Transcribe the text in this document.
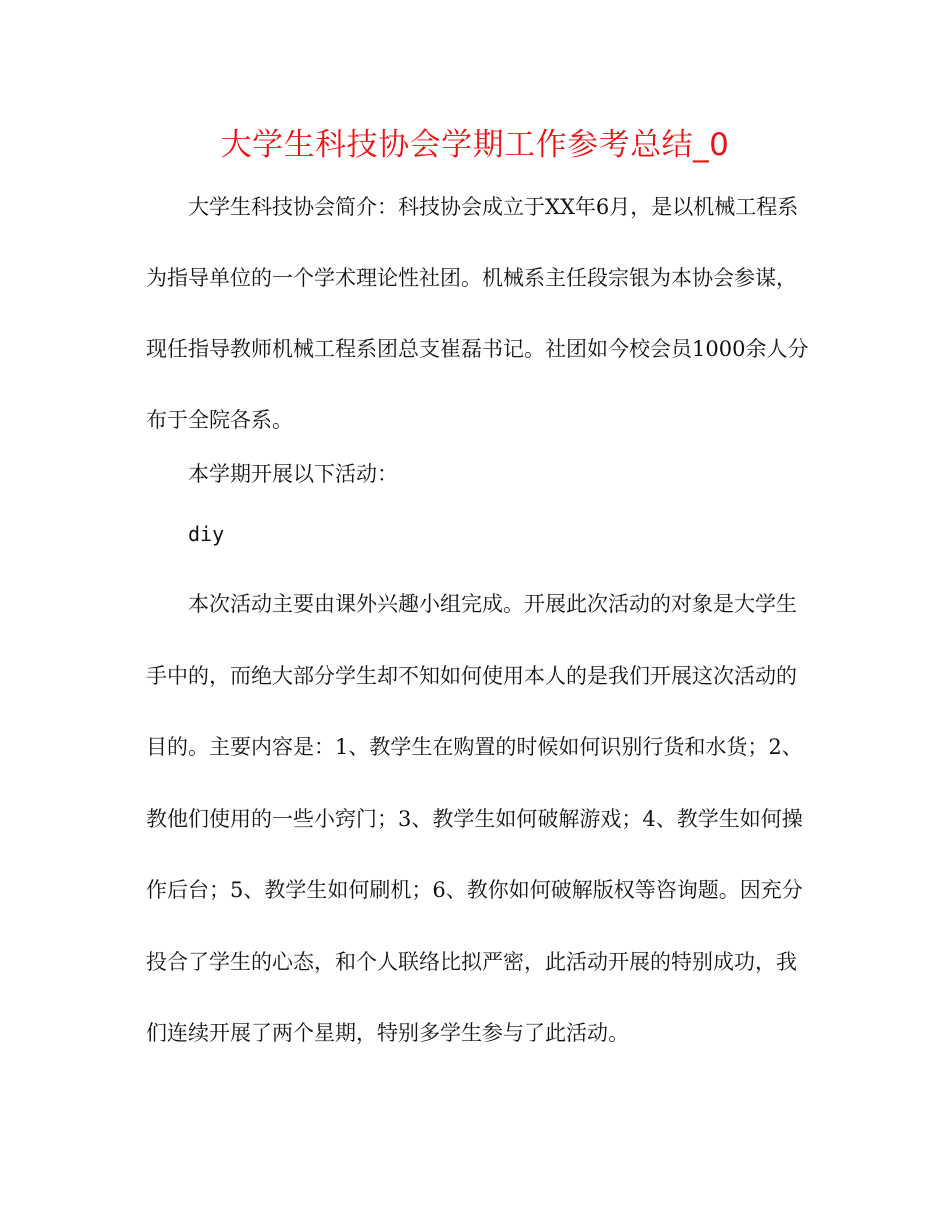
大学生科技协会学期工作参考总结_0

大学生科技协会简介：科技协会成立于XX年6月，是以机械工程系为指导单位的一个学术理论性社团。机械系主任段宗银为本协会参谋，现任指导教师机械工程系团总支崔磊书记。社团如今校会员1000余人分布于全院各系。

本学期开展以下活动：

diy

本次活动主要由课外兴趣小组完成。开展此次活动的对象是大学生手中的，而绝大部分学生却不知如何使用本人的是我们开展这次活动的目的。主要内容是：1、教学生在购置的时候如何识别行货和水货；2、教他们使用的一些小窍门；3、教学生如何破解游戏；4、教学生如何操作后台；5、教学生如何刷机；6、教你如何破解版权等咨询题。因充分投合了学生的心态，和个人联络比拟严密，此活动开展的特别成功，我们连续开展了两个星期，特别多学生参与了此活动。
